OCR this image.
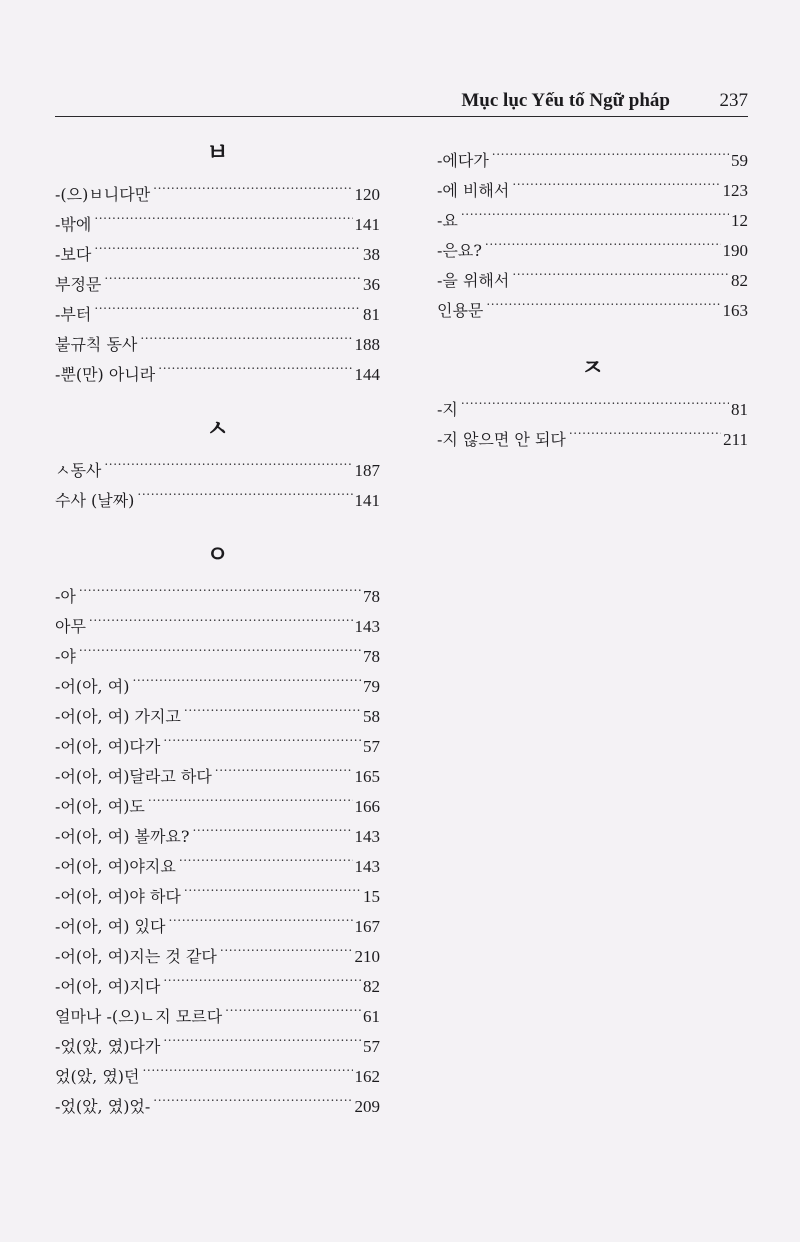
Mục lục Yếu tố Ngữ pháp	237
ㅂ
-(으)ㅂ니다만 . . .	120
-밖에 . . .	141
-보다 . . .	38
부정문 . . .	36
-부터 . . .	81
불규칙 동사 . . .	188
-뿐(만) 아니라 . . .	144
ㅅ
ㅅ동사 . . .	187
수사 (날짜) . . .	141
ㅇ
-아 . . .	78
아무 . . .	143
-야 . . .	78
-어(아, 여) . . .	79
-어(아, 여) 가지고 . . .	58
-어(아, 여)다가 . . .	57
-어(아, 여)달라고 하다 . . .	165
-어(아, 여)도 . . .	166
-어(아, 여) 볼까요? . . .	143
-어(아, 여)야지요 . . .	143
-어(아, 여)야 하다 . . .	15
-어(아, 여) 있다 . . .	167
-어(아, 여)지는 것 같다 . . .	210
-어(아, 여)지다 . . .	82
얼마나 -(으)ㄴ지 모르다 . . .	61
-었(았, 였)다가 . . .	57
었(았, 였)던 . . .	162
-었(았, 였)었- . . .	209
-에다가 . . .	59
-에 비해서 . . .	123
-요 . . .	12
-은요? . . .	190
-을 위해서 . . .	82
인용문 . . .	163
ㅈ
-지 . . .	81
-지 않으면 안 되다 . . .	211
